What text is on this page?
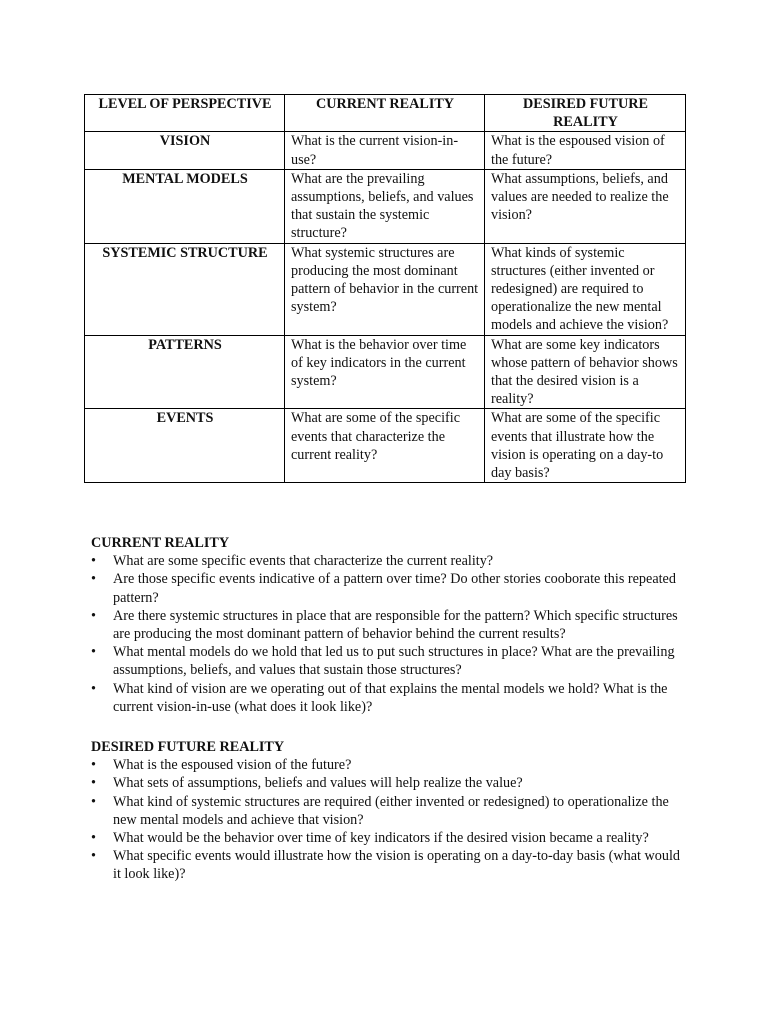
LEVEL OF PERSPECTIVE	CURRENT REALITY	DESIRED FUTURE REALITY
VISION	What is the current vision-in-use?	What is the espoused vision of the future?
MENTAL MODELS	What are the prevailing assumptions, beliefs, and values that sustain the systemic structure?	What assumptions, beliefs, and values are needed to realize the vision?
SYSTEMIC STRUCTURE	What systemic structures are producing the most dominant pattern of behavior in the current system?	What kinds of systemic structures (either invented or redesigned) are required to operationalize the new mental models and achieve the vision?
PATTERNS	What is the behavior over time of key indicators in the current system?	What are some key indicators whose pattern of behavior shows that the desired vision is a reality?
EVENTS	What are some of the specific events that characterize the current reality?	What are some of the specific events that illustrate how the vision is operating on a day-to day basis?

CURRENT REALITY

• What are some specific events that characterize the current reality?
• Are those specific events indicative of a pattern over time? Do other stories cooborate this repeated pattern?
• Are there systemic structures in place that are responsible for the pattern? Which specific structures are producing the most dominant pattern of behavior behind the current results?
• What mental models do we hold that led us to put such structures in place? What are the prevailing assumptions, beliefs, and values that sustain those structures?
• What kind of vision are we operating out of that explains the mental models we hold? What is the current vision-in-use (what does it look like)?

DESIRED FUTURE REALITY

• What is the espoused vision of the future?
• What sets of assumptions, beliefs and values will help realize the value?
• What kind of systemic structures are required (either invented or redesigned) to operationalize the new mental models and achieve that vision?
• What would be the behavior over time of key indicators if the desired vision became a reality?
• What specific events would illustrate how the vision is operating on a day-to-day basis (what would it look like)?
